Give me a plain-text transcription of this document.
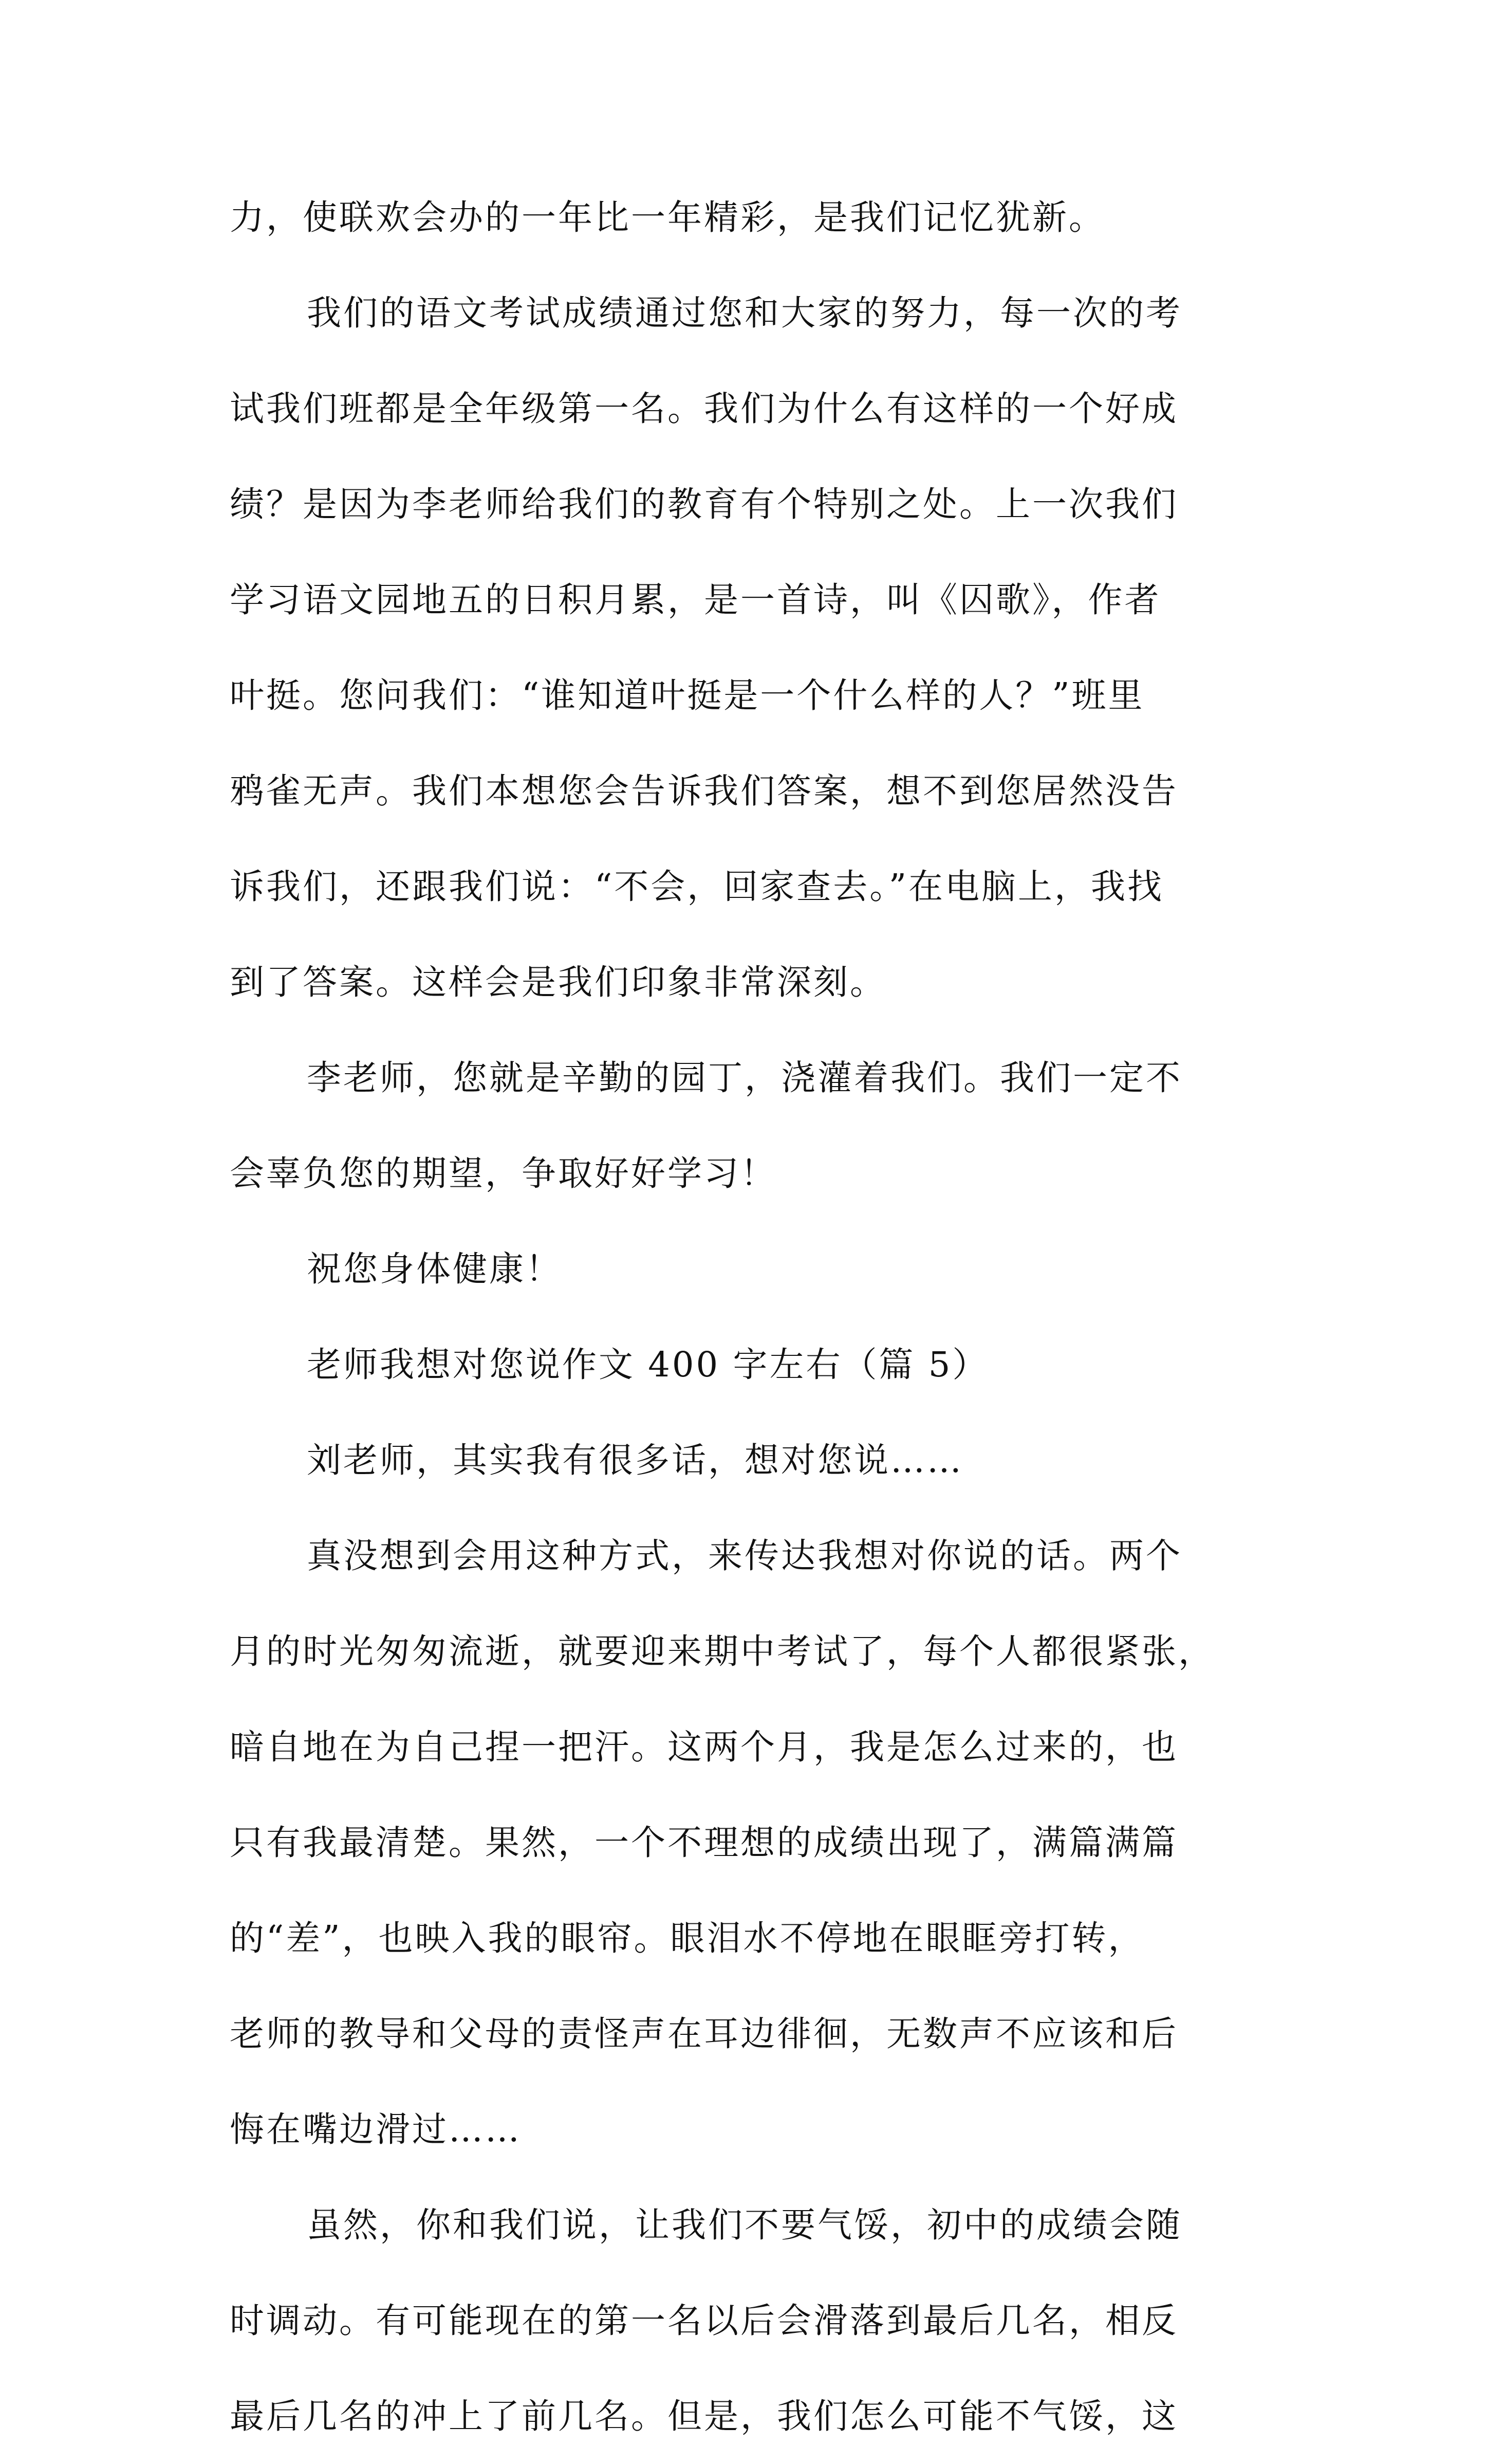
力，使联欢会办的一年比一年精彩，是我们记忆犹新。
我们的语文考试成绩通过您和大家的努力，每一次的考
试我们班都是全年级第一名。我们为什么有这样的一个好成
绩？是因为李老师给我们的教育有个特别之处。上一次我们
学习语文园地五的日积月累，是一首诗，叫《囚歌》，作者
叶挺。您问我们：“谁知道叶挺是一个什么样的人？”班里
鸦雀无声。我们本想您会告诉我们答案，想不到您居然没告
诉我们，还跟我们说：“不会，回家查去。”在电脑上，我找
到了答案。这样会是我们印象非常深刻。
李老师，您就是辛勤的园丁，浇灌着我们。我们一定不
会辜负您的期望，争取好好学习！
祝您身体健康！
老师我想对您说作文 400 字左右（篇 5）
刘老师，其实我有很多话，想对您说……
真没想到会用这种方式，来传达我想对你说的话。两个
月的时光匆匆流逝，就要迎来期中考试了，每个人都很紧张，
暗自地在为自己捏一把汗。这两个月，我是怎么过来的，也
只有我最清楚。果然，一个不理想的成绩出现了，满篇满篇
的“差”，也映入我的眼帘。眼泪水不停地在眼眶旁打转，
老师的教导和父母的责怪声在耳边徘徊，无数声不应该和后
悔在嘴边滑过……
虽然，你和我们说，让我们不要气馁，初中的成绩会随
时调动。有可能现在的第一名以后会滑落到最后几名，相反
最后几名的冲上了前几名。但是，我们怎么可能不气馁，这
